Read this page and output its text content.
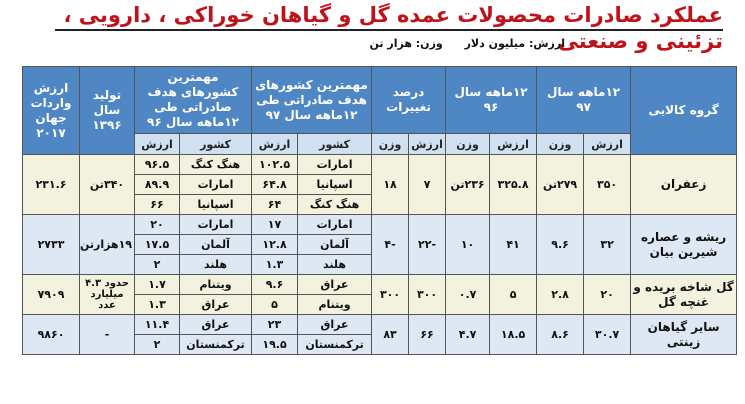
عملکرد صادرات محصولات عمده گل و گیاهان خوراکی ، دارویی ، تزئینی و صنعتی
ارزش: میلیون دلار وزن: هزار تن
گروه کالایی	۱۲ماهه سال ۹۷		۱۲ماهه سال ۹۶		درصد تغییرات		مهمترین کشورهای هدف صادراتی طی ۱۲ماهه سال ۹۷		مهمترین کشورهای هدف صادراتی طی ۱۲ماهه سال ۹۶		تولید سال ۱۳۹۶	ارزش واردات جهان ۲۰۱۷
	ارزش	وزن	ارزش	وزن	ارزش	وزن	کشور	ارزش	کشور	ارزش		
زعفران	۳۵۰	۲۷۹تن	۳۲۵.۸	۲۳۶تن	۷	۱۸	امارات	۱۰۲.۵	هنگ کنگ	۹۶.۵	۳۴۰تن	۲۳۱.۶
							اسپانیا	۶۴.۸	امارات	۸۹.۹		
							هنگ کنگ	۶۴	اسپانیا	۶۶		
ریشه و عصاره شیرین بیان	۳۲	۹.۶	۴۱	۱۰	-۲۲	-۴	امارات	۱۷	امارات	۲۰	۱۹هزارتن	۲۷۳۳
							آلمان	۱۲.۸	آلمان	۱۷.۵		
							هلند	۱.۳	هلند	۲		
گل شاخه بریده و غنچه گل	۲۰	۲.۸	۵	۰.۷	۳۰۰	۳۰۰	عراق	۹.۶	ویتنام	۱.۷	حدود ۴.۳ میلیارد عدد	۷۹۰۹
							ویتنام	۵	عراق	۱.۳		
سایر گیاهان زینتی	۳۰.۷	۸.۶	۱۸.۵	۴.۷	۶۶	۸۳	عراق	۲۳	عراق	۱۱.۴	-	۹۸۶۰
							ترکمنستان	۱۹.۵	ترکمنستان	۲		
